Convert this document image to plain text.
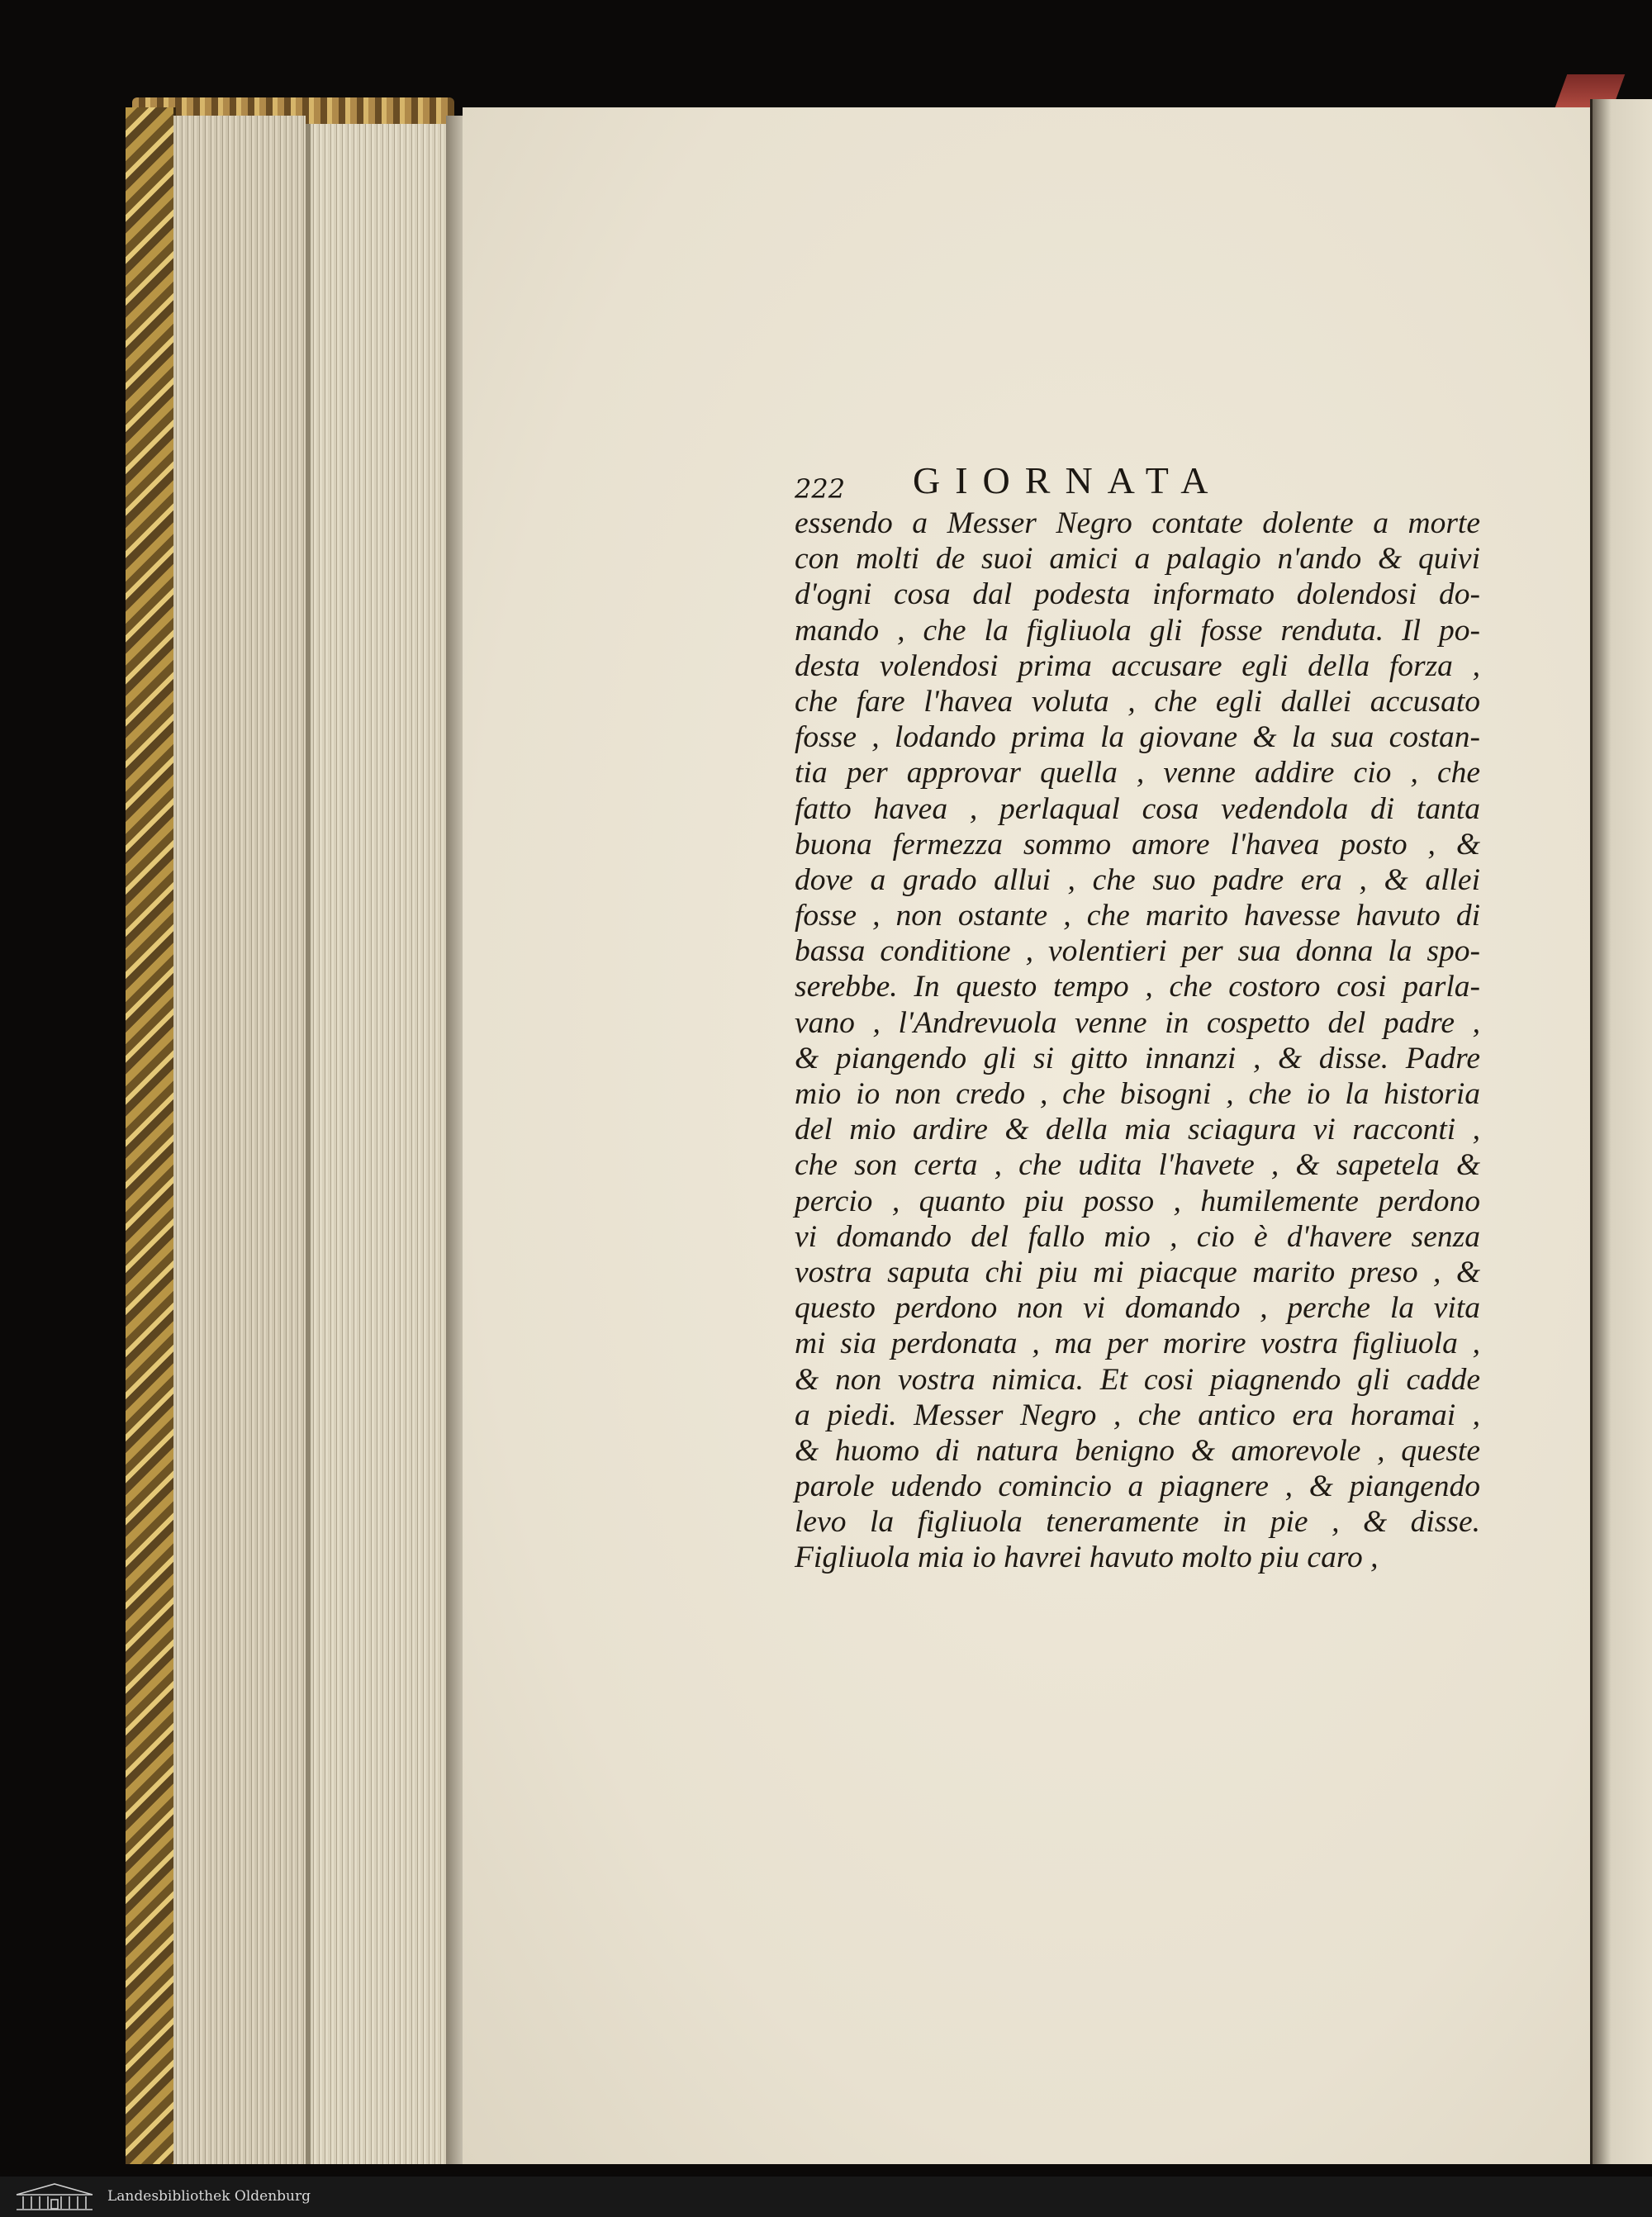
222 GIORNATA
essendo a Messer Negro contate dolente a morte
con molti de suoi amici a palagio n'ando & quivi
d'ogni cosa dal podesta informato dolendosi do-
mando , che la figliuola gli fosse renduta. Il po-
desta volendosi prima accusare egli della forza ,
che fare l'havea voluta , che egli dallei accusato
fosse , lodando prima la giovane & la sua costan-
tia per approvar quella , venne addire cio , che
fatto havea , perlaqual cosa vedendola di tanta
buona fermezza sommo amore l'havea posto , &
dove a grado allui , che suo padre era , & allei
fosse , non ostante , che marito havesse havuto di
bassa conditione , volentieri per sua donna la spo-
serebbe. In questo tempo , che costoro cosi parla-
vano , l'Andrevuola venne in cospetto del padre ,
& piangendo gli si gitto innanzi , & disse. Padre
mio io non credo , che bisogni , che io la historia
del mio ardire & della mia sciagura vi racconti ,
che son certa , che udita l'havete , & sapetela &
percio , quanto piu posso , humilemente perdono
vi domando del fallo mio , cio è d'havere senza
vostra saputa chi piu mi piacque marito preso , &
questo perdono non vi domando , perche la vita
mi sia perdonata , ma per morire vostra figliuola ,
& non vostra nimica. Et cosi piagnendo gli cadde
a piedi. Messer Negro , che antico era horamai ,
& huomo di natura benigno & amorevole , queste
parole udendo comincio a piagnere , & piangendo
levo la figliuola teneramente in pie , & disse.
Figliuola mia io havrei havuto molto piu caro ,
Landesbibliothek Oldenburg
